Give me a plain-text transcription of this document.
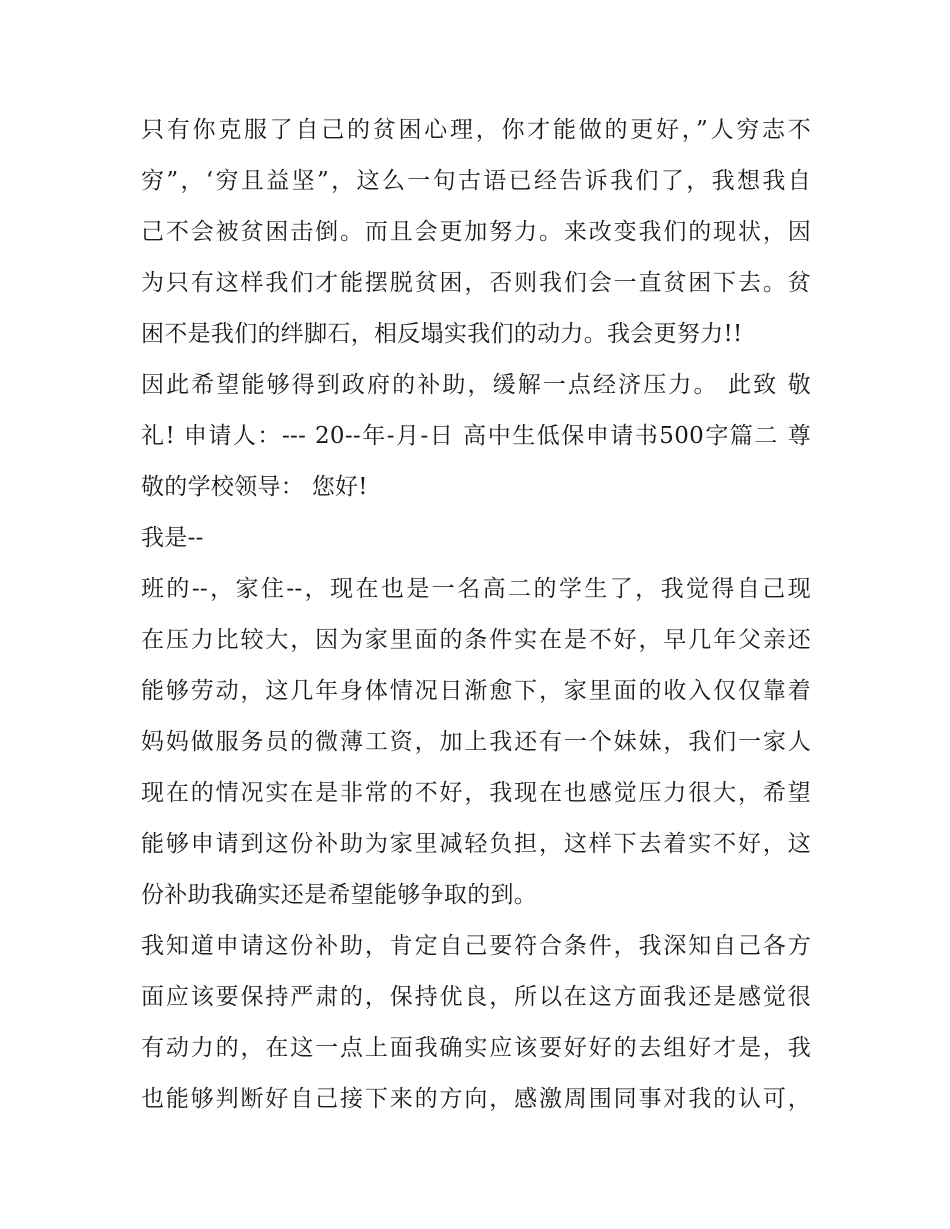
只有你克服了自己的贫困心理，你才能做的更好，”人穷志不
穷”，‘穷且益坚”，这么一句古语已经告诉我们了，我想我自
己不会被贫困击倒。而且会更加努力。来改变我们的现状，因
为只有这样我们才能摆脱贫困，否则我们会一直贫困下去。贫
困不是我们的绊脚石，相反塌实我们的动力。我会更努力!!
因此希望能够得到政府的补助，缓解一点经济压力。 此致 敬
礼! 申请人：--- 20--年-月-日 高中生低保申请书500字篇二 尊
敬的学校领导： 您好!
我是--
班的--，家住--，现在也是一名高二的学生了，我觉得自己现
在压力比较大，因为家里面的条件实在是不好，早几年父亲还
能够劳动，这几年身体情况日渐愈下，家里面的收入仅仅靠着
妈妈做服务员的微薄工资，加上我还有一个妹妹，我们一家人
现在的情况实在是非常的不好，我现在也感觉压力很大，希望
能够申请到这份补助为家里减轻负担，这样下去着实不好，这
份补助我确实还是希望能够争取的到。
我知道申请这份补助，肯定自己要符合条件，我深知自己各方
面应该要保持严肃的，保持优良，所以在这方面我还是感觉很
有动力的，在这一点上面我确实应该要好好的去组好才是，我
也能够判断好自己接下来的方向，感激周围同事对我的认可，
